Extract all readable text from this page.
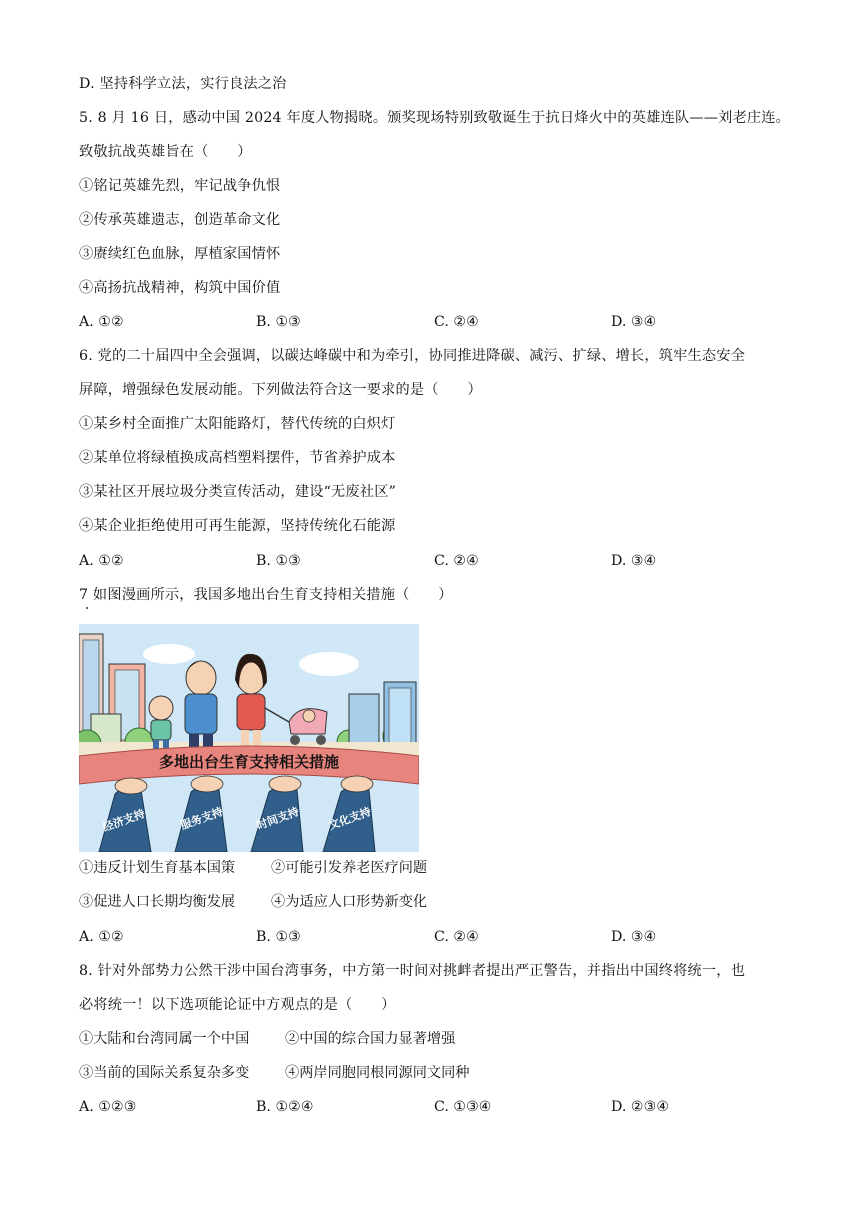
D. 坚持科学立法，实行良法之治
5. 8 月 16 日，感动中国 2024 年度人物揭晓。颁奖现场特别致敬诞生于抗日烽火中的英雄连队——刘老庄连。
致敬抗战英雄旨在（　　）
①铭记英雄先烈，牢记战争仇恨
②传承英雄遗志，创造革命文化
③赓续红色血脉，厚植家国情怀
④高扬抗战精神，构筑中国价值
A. ①②	B. ①③	C. ②④	D. ③④
6. 党的二十届四中全会强调，以碳达峰碳中和为牵引，协同推进降碳、减污、扩绿、增长，筑牢生态安全
屏障，增强绿色发展动能。下列做法符合这一要求的是（　　）
①某乡村全面推广太阳能路灯，替代传统的白炽灯
②某单位将绿植换成高档塑料摆件，节省养护成本
③某社区开展垃圾分类宣传活动，建设“无废社区”
④某企业拒绝使用可再生能源，坚持传统化石能源
A. ①②	B. ①③	C. ②④	D. ③④
7 如图漫画所示，我国多地出台生育支持相关措施（　　）
多地出台生育支持相关措施
经济支持	服务支持	时间支持 文化支持
①违反计划生育基本国策	②可能引发养老医疗问题
③促进人口长期均衡发展	④为适应人口形势新变化
A. ①②	B. ①③	C. ②④	D. ③④
8. 针对外部势力公然干涉中国台湾事务，中方第一时间对挑衅者提出严正警告，并指出中国终将统一，也
必将统一！以下选项能论证中方观点的是（　　）
①大陆和台湾同属一个中国	②中国的综合国力显著增强
③当前的国际关系复杂多变	④两岸同胞同根同源同文同种
A. ①②③	B. ①②④	C. ①③④	D. ②③④
